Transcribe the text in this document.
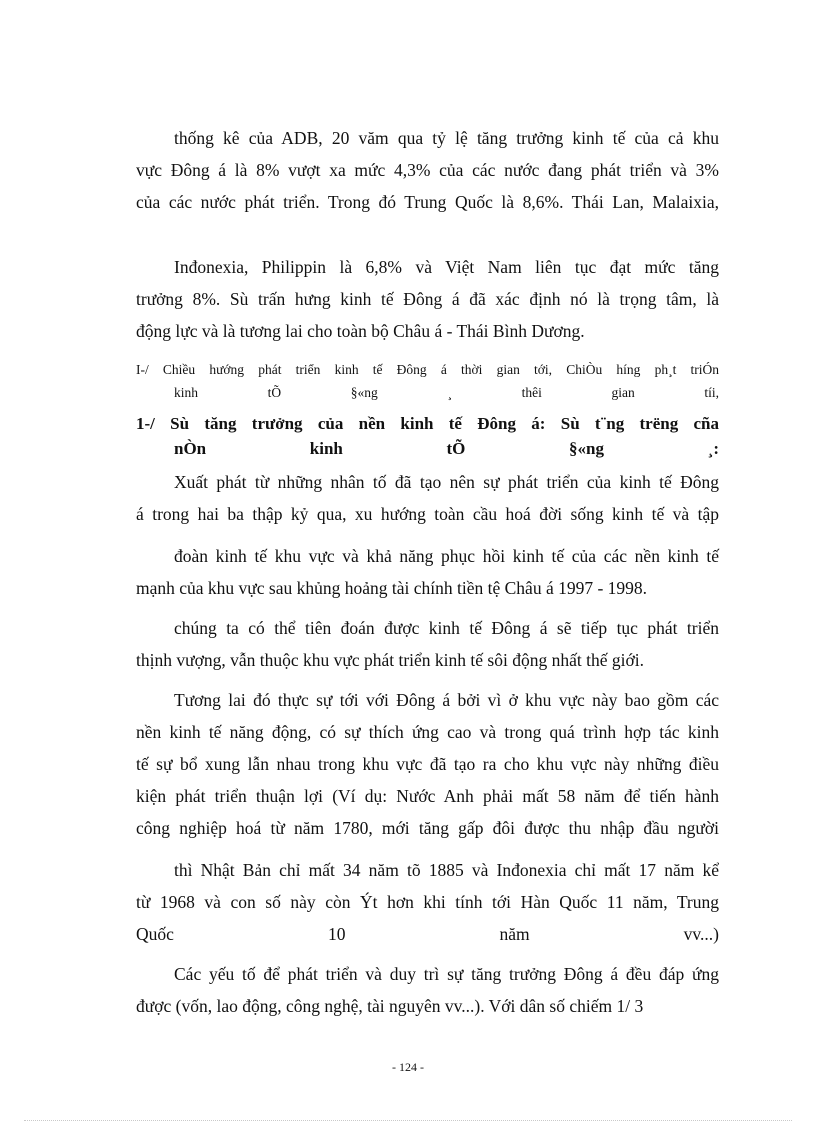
thống kê của ADB, 20 văm qua tỷ lệ tăng trưởng kinh tế của cả khu
vực Đông á là 8% vượt xa mức 4,3% của các nước đang phát triển và 3%
của các nước phát triển. Trong đó Trung Quốc là 8,6%. Thái Lan, Malaixia,
Inđonexia, Philippin là 6,8% và Việt Nam liên tục đạt mức tăng
trưởng 8%. Sù trấn hưng kinh tế Đông á đã xác định nó là trọng tâm, là
động lực và là tương lai cho toàn bộ Châu á - Thái Bình Dương.
I-/ Chiều hướng phát triển kinh tế Đông á thời gian tới, ChiÒu híng ph¸t triÓn
kinh tÕ §«ng ¸ thêi gian tíi,
1-/ Sù tăng trưởng của nền kinh tế Đông á: Sù t¨ng trëng cña
nÒn kinh tÕ §«ng ¸:
Xuất phát từ những nhân tố đã tạo nên sự phát triển của kinh tế Đông
á trong hai ba thập kỷ qua, xu hướng toàn cầu hoá đời sống kinh tế và tập
đoàn kinh tế khu vực và khả năng phục hồi kinh tế của các nền kinh tế
mạnh của khu vực sau khủng hoảng tài chính tiền tệ Châu á 1997 - 1998.
chúng ta có thể tiên đoán được kinh tế Đông á sẽ tiếp tục phát triển
thịnh vượng, vẫn thuộc khu vực phát triển kinh tế sôi động nhất thế giới.
Tương lai đó thực sự tới với Đông á bởi vì ở khu vực này bao gồm các
nền kinh tế năng động, có sự thích ứng cao và trong quá trình hợp tác kinh
tế sự bổ xung lẫn nhau trong khu vực đã tạo ra cho khu vực này những điều
kiện phát triển thuận lợi (Ví dụ: Nước Anh phải mất 58 năm để tiến hành
công nghiệp hoá từ năm 1780, mới tăng gấp đôi được thu nhập đầu người
thì Nhật Bản chỉ mất 34 năm tõ 1885 và Inđonexia chỉ mất 17 năm kể
từ 1968 và con số này còn Ýt hơn khi tính tới Hàn Quốc 11 năm, Trung
Quốc 10 năm vv...)
Các yếu tố để phát triển và duy trì sự tăng trưởng Đông á đều đáp ứng
được (vốn, lao động, công nghệ, tài nguyên vv...). Với dân số chiếm 1/ 3
- 124 -
